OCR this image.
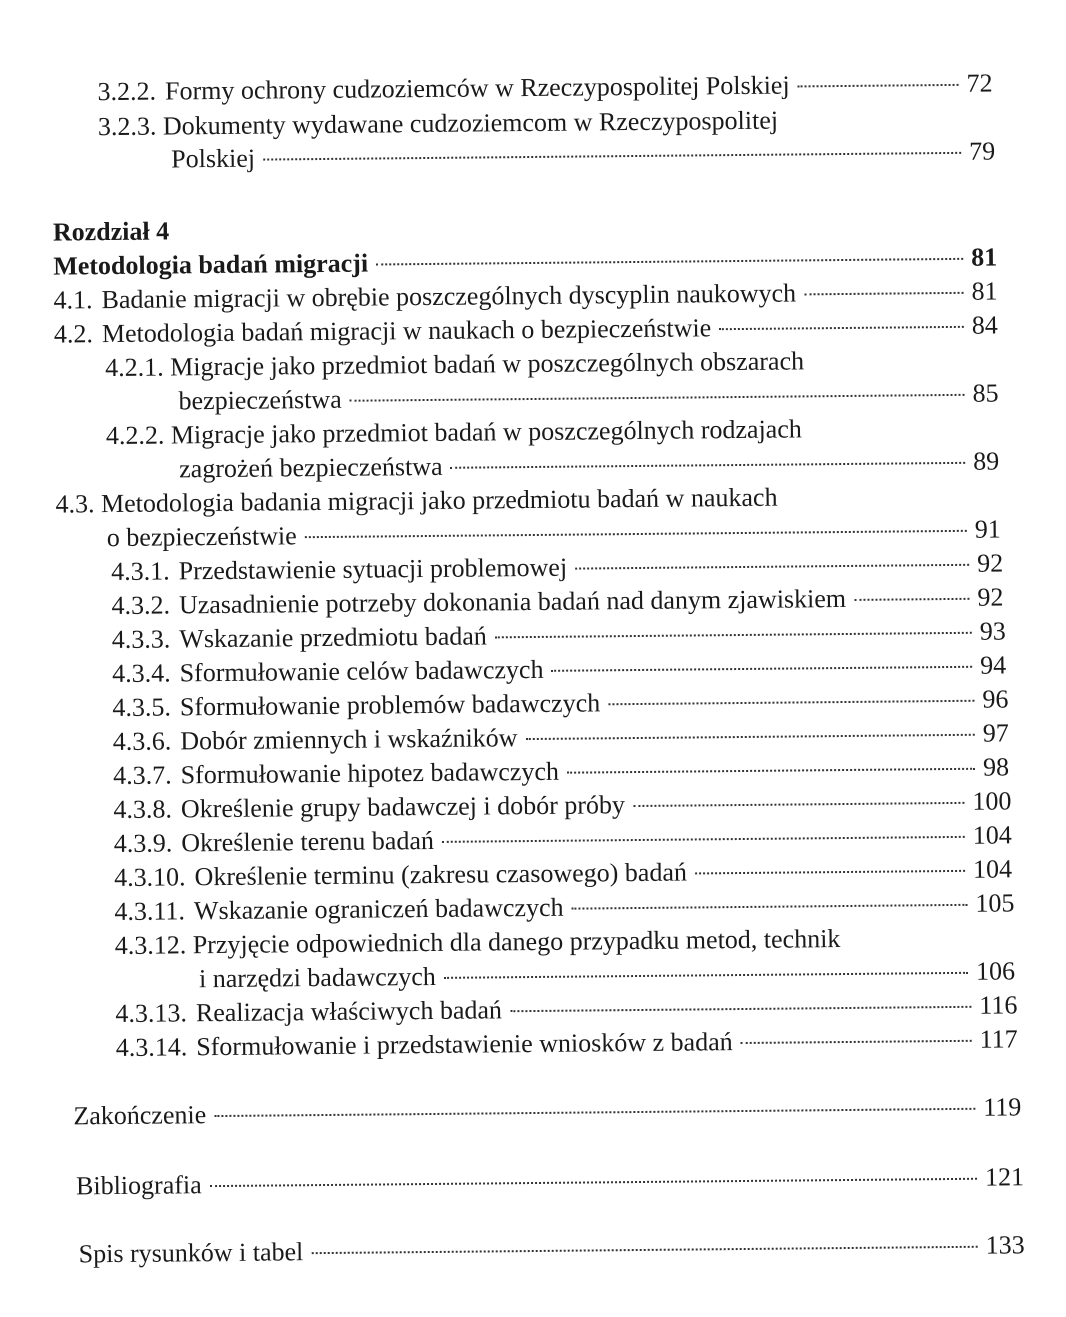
3.2.2. Formy ochrony cudzoziemców w Rzeczypospolitej Polskiej	72
3.2.3. Dokumenty wydawane cudzoziemcom w Rzeczypospolitej
Polskiej	79
Rozdział 4
Metodologia badań migracji	81
4.1. Badanie migracji w obrębie poszczególnych dyscyplin naukowych	81
4.2. Metodologia badań migracji w naukach o bezpieczeństwie	84
4.2.1. Migracje jako przedmiot badań w poszczególnych obszarach
bezpieczeństwa	85
4.2.2. Migracje jako przedmiot badań w poszczególnych rodzajach
zagrożeń bezpieczeństwa	89
4.3. Metodologia badania migracji jako przedmiotu badań w naukach
o bezpieczeństwie	91
4.3.1. Przedstawienie sytuacji problemowej	92
4.3.2. Uzasadnienie potrzeby dokonania badań nad danym zjawiskiem	92
4.3.3. Wskazanie przedmiotu badań	93
4.3.4. Sformułowanie celów badawczych	94
4.3.5. Sformułowanie problemów badawczych	96
4.3.6. Dobór zmiennych i wskaźników	97
4.3.7. Sformułowanie hipotez badawczych	98
4.3.8. Określenie grupy badawczej i dobór próby	100
4.3.9. Określenie terenu badań	104
4.3.10. Określenie terminu (zakresu czasowego) badań	104
4.3.11. Wskazanie ograniczeń badawczych	105
4.3.12. Przyjęcie odpowiednich dla danego przypadku metod, technik
i narzędzi badawczych	106
4.3.13. Realizacja właściwych badań	116
4.3.14. Sformułowanie i przedstawienie wniosków z badań	117
Zakończenie	119
Bibliografia	121
Spis rysunków i tabel	133
